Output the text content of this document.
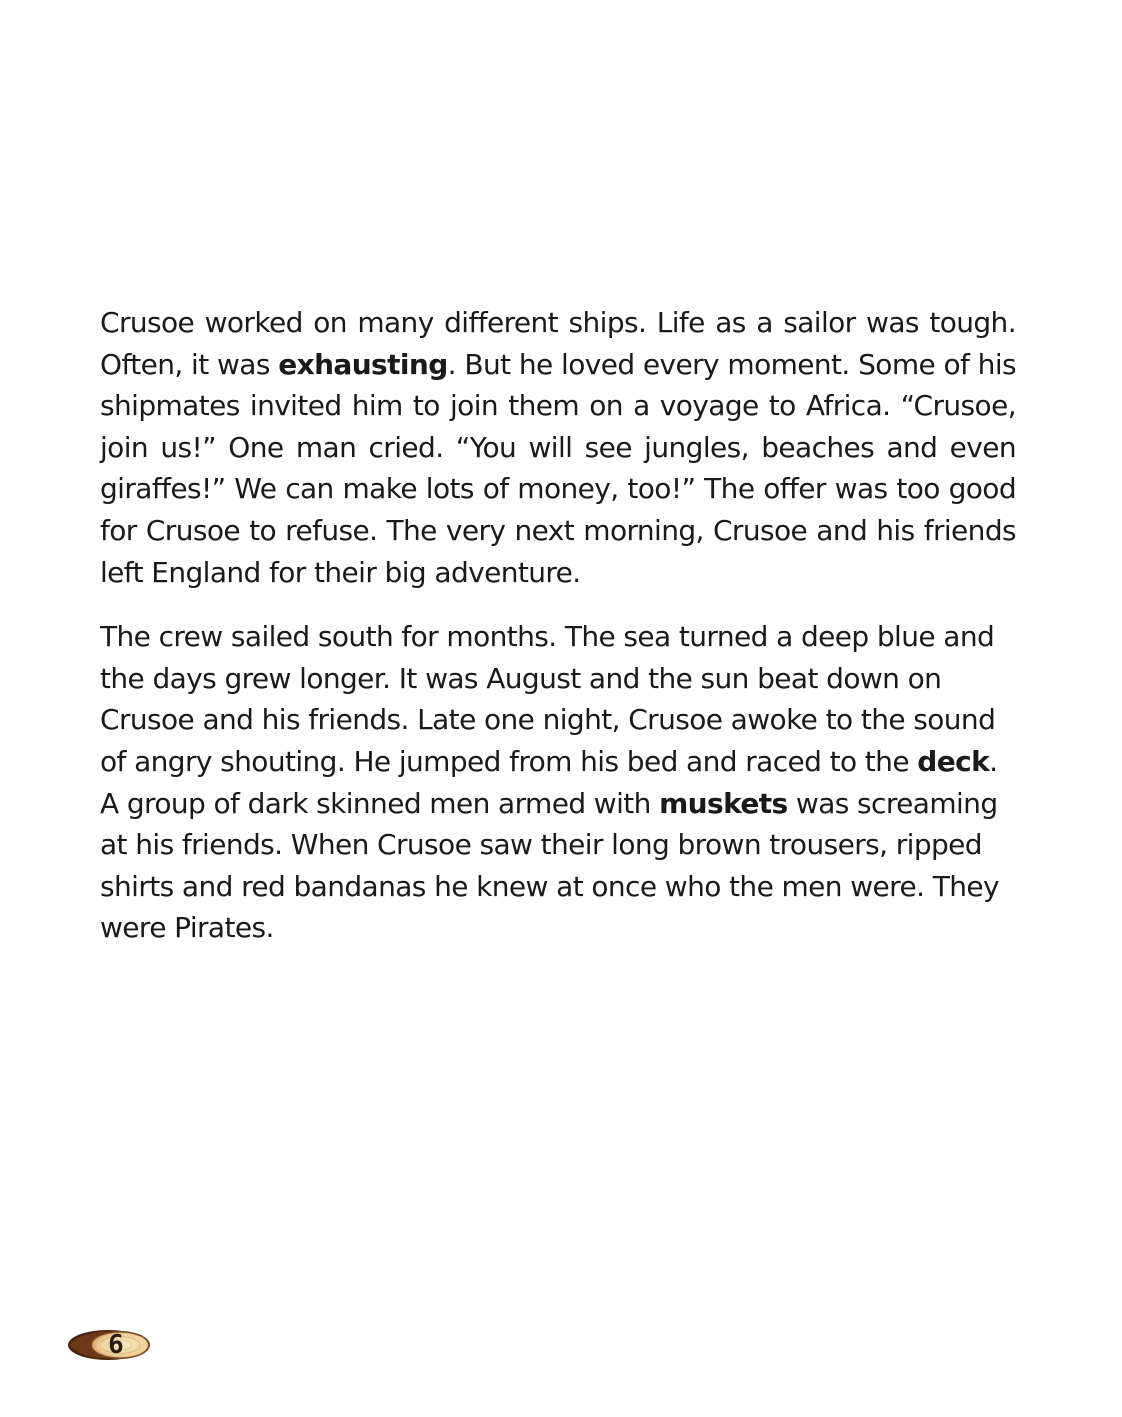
Crusoe worked on many different ships. Life as a sailor was tough. Often, it was exhausting. But he loved every moment. Some of his shipmates invited him to join them on a voyage to Africa. “Crusoe, join us!” One man cried. “You will see jungles, beaches and even giraffes!” We can make lots of money, too!” The offer was too good for Crusoe to refuse. The very next morning, Crusoe and his friends left England for their big adventure.

The crew sailed south for months. The sea turned a deep blue and the days grew longer. It was August and the sun beat down on Crusoe and his friends. Late one night, Crusoe awoke to the sound of angry shouting. He jumped from his bed and raced to the deck. A group of dark skinned men armed with muskets was screaming at his friends. When Crusoe saw their long brown trousers, ripped shirts and red bandanas he knew at once who the men were. They were Pirates.

6
